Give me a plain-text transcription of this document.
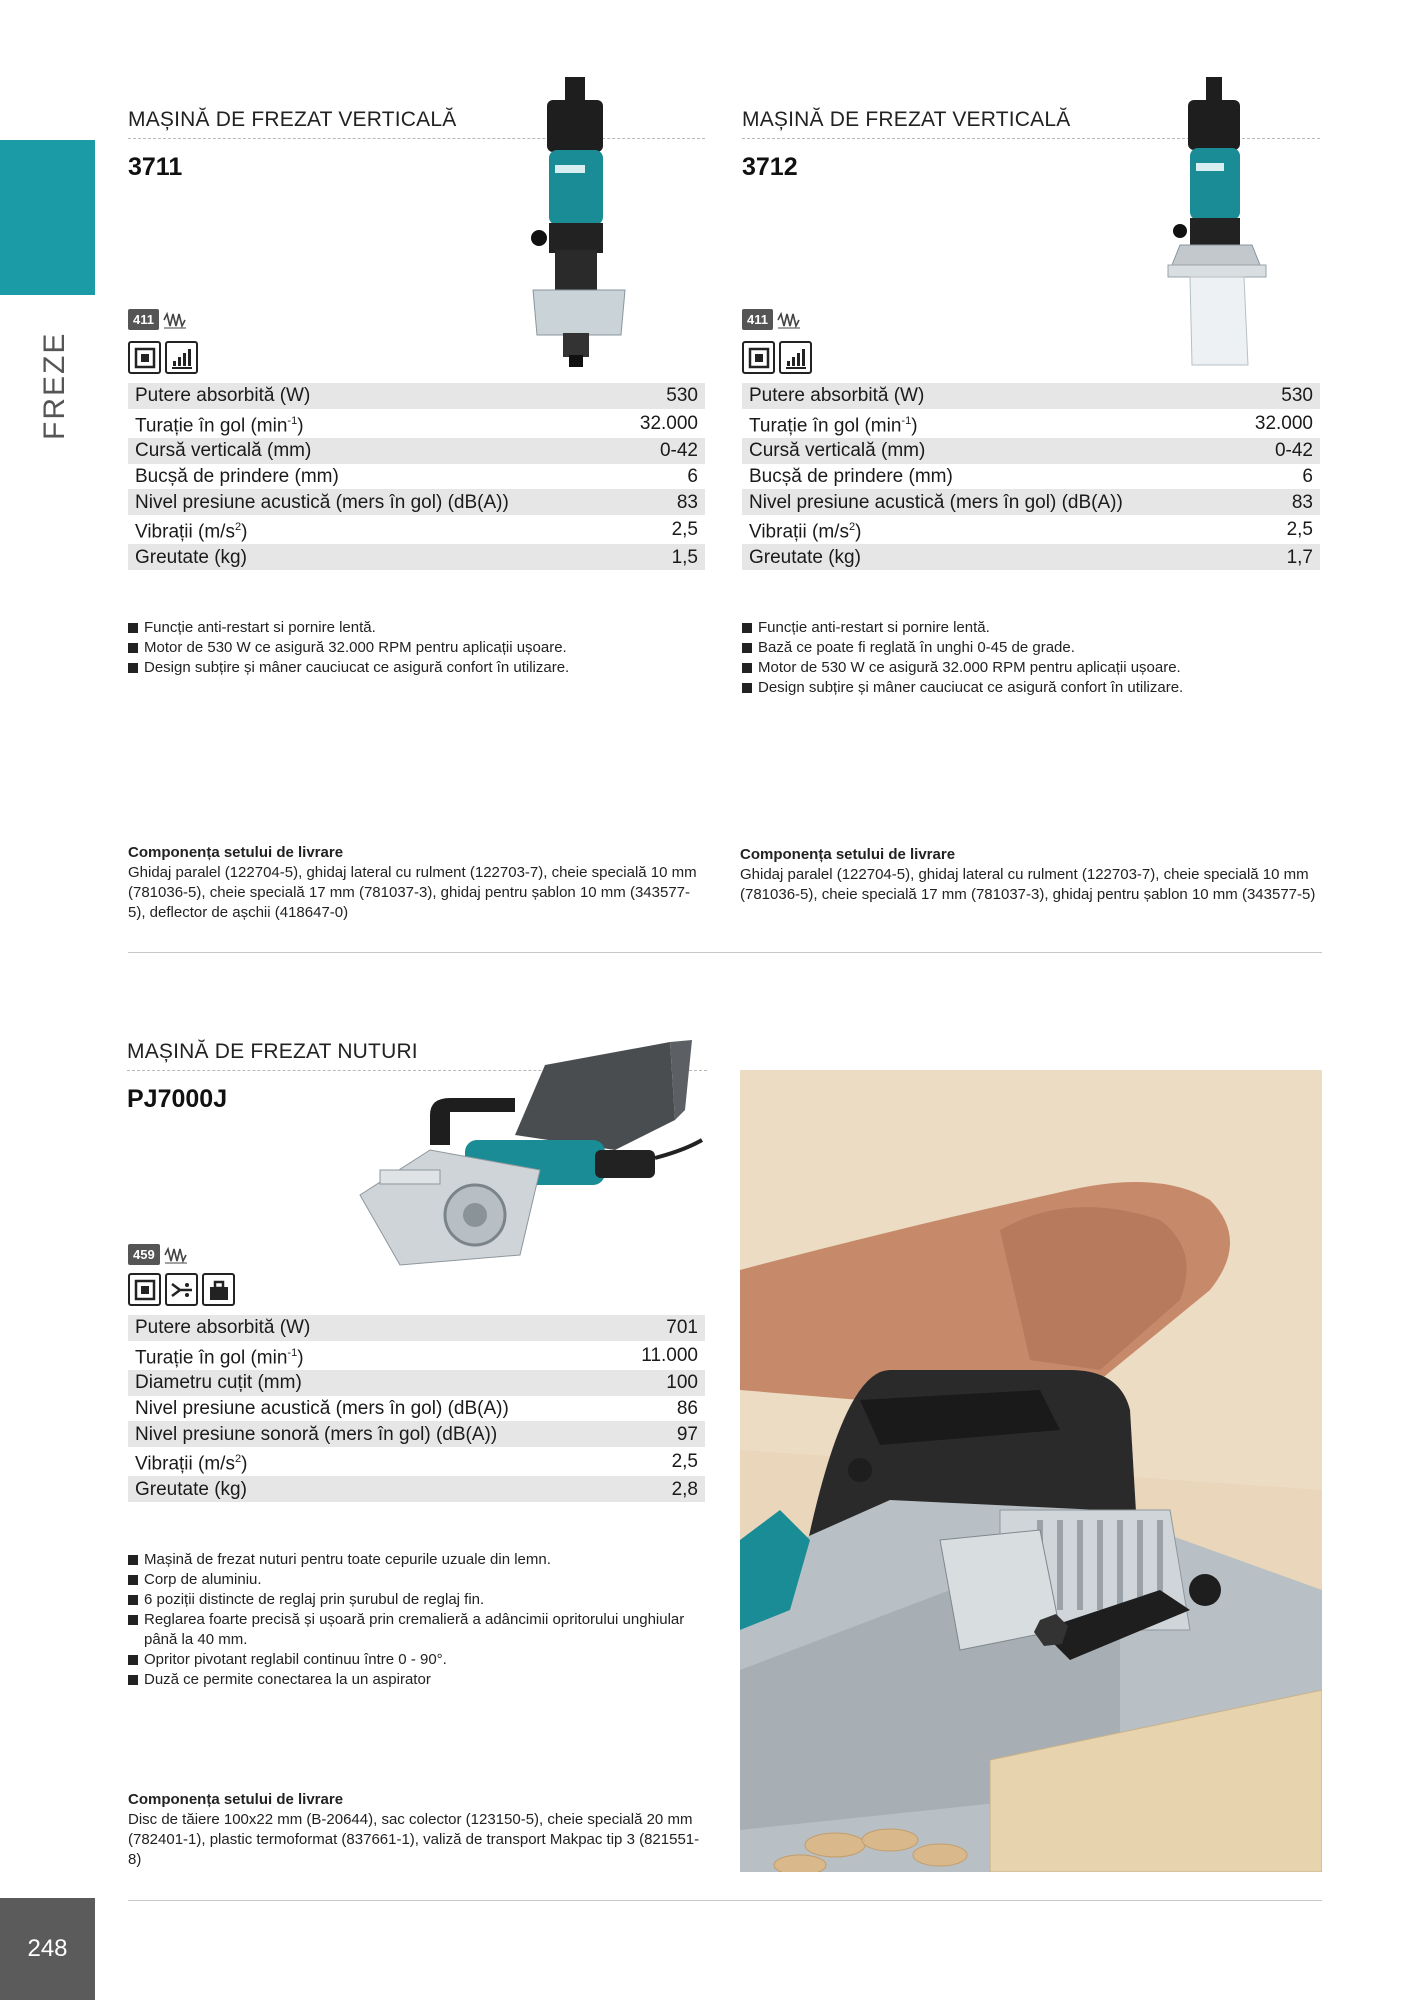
FREZE
248
MAȘINĂ DE FREZAT VERTICALĂ
3711
411
Putere absorbită (W)	530
Turație în gol $(\min^{-1})$	32.000
Cursă verticală (mm)	0-42
Bucșă de prindere (mm)	6
Nivel presiune acustică (mers în gol) (dB(A))	83
Vibrații $(m/s^2)$	2,5
Greutate (kg)	1,5
Funcție anti-restart si pornire lentă.
Motor de 530 W ce asigură 32.000 RPM pentru aplicații ușoare.
Design subțire și mâner cauciucat ce asigură confort în utilizare.
Componența setului de livrare
Ghidaj paralel (122704-5), ghidaj lateral cu rulment (122703-7), cheie specială 10 mm (781036-5), cheie specială 17 mm (781037-3), ghidaj pentru șablon 10 mm (343577-5), deflector de așchii (418647-0)
MAȘINĂ DE FREZAT VERTICALĂ
3712
411
Putere absorbită (W)	530
Turație în gol $(\min^{-1})$	32.000
Cursă verticală (mm)	0-42
Bucșă de prindere (mm)	6
Nivel presiune acustică (mers în gol) (dB(A))	83
Vibrații $(m/s^2)$	2,5
Greutate (kg)	1,7
Funcție anti-restart si pornire lentă.
Bază ce poate fi reglată în unghi 0-45 de grade.
Motor de 530 W ce asigură 32.000 RPM pentru aplicații ușoare.
Design subțire și mâner cauciucat ce asigură confort în utilizare.
Componența setului de livrare
Ghidaj paralel (122704-5), ghidaj lateral cu rulment (122703-7), cheie specială 10 mm (781036-5), cheie specială 17 mm (781037-3), ghidaj pentru șablon 10 mm (343577-5)
MAȘINĂ DE FREZAT NUTURI
PJ7000J
459
Putere absorbită (W)	701
Turație în gol $(\min^{-1})$	11.000
Diametru cuțit (mm)	100
Nivel presiune acustică (mers în gol) (dB(A))	86
Nivel presiune sonoră (mers în gol) (dB(A))	97
Vibrații $(m/s^2)$	2,5
Greutate (kg)	2,8
Mașină de frezat nuturi pentru toate cepurile uzuale din lemn.
Corp de aluminiu.
6 poziții distincte de reglaj prin șurubul de reglaj fin.
Reglarea foarte precisă și ușoară prin cremalieră a adâncimii opritorului unghiular până la 40 mm.
Opritor pivotant reglabil continuu între 0 - 90°.
Duză ce permite conectarea la un aspirator
Componența setului de livrare
Disc de tăiere 100x22 mm (B-20644), sac colector (123150-5), cheie specială 20 mm (782401-1), plastic termoformat (837661-1), valiză de transport Makpac tip 3 (821551-8)
